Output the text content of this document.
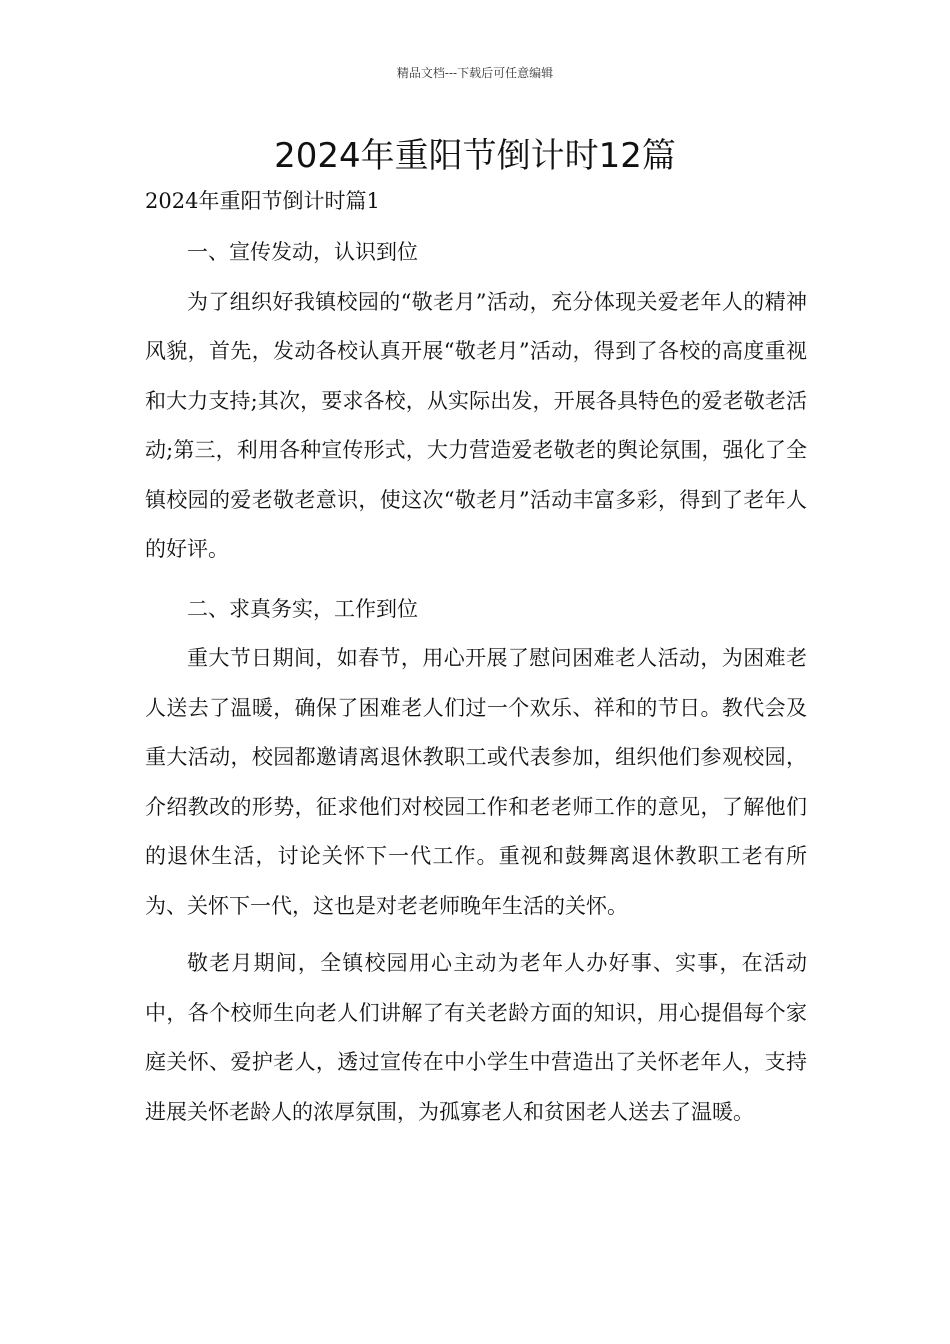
精品文档---下载后可任意编辑
2024年重阳节倒计时12篇

2024年重阳节倒计时篇1

一、宣传发动，认识到位

为了组织好我镇校园的“敬老月”活动，充分体现关爱老年人的精神风貌，首先，发动各校认真开展“敬老月”活动，得到了各校的高度重视和大力支持;其次，要求各校，从实际出发，开展各具特色的爱老敬老活动;第三，利用各种宣传形式，大力营造爱老敬老的舆论氛围，强化了全镇校园的爱老敬老意识，使这次“敬老月”活动丰富多彩，得到了老年人的好评。

二、求真务实，工作到位

重大节日期间，如春节，用心开展了慰问困难老人活动，为困难老人送去了温暖，确保了困难老人们过一个欢乐、祥和的节日。教代会及重大活动，校园都邀请离退休教职工或代表参加，组织他们参观校园，介绍教改的形势，征求他们对校园工作和老老师工作的意见，了解他们的退休生活，讨论关怀下一代工作。重视和鼓舞离退休教职工老有所为、关怀下一代，这也是对老老师晚年生活的关怀。

敬老月期间，全镇校园用心主动为老年人办好事、实事，在活动中，各个校师生向老人们讲解了有关老龄方面的知识，用心提倡每个家庭关怀、爱护老人，透过宣传在中小学生中营造出了关怀老年人，支持进展关怀老龄人的浓厚氛围，为孤寡老人和贫困老人送去了温暖。
